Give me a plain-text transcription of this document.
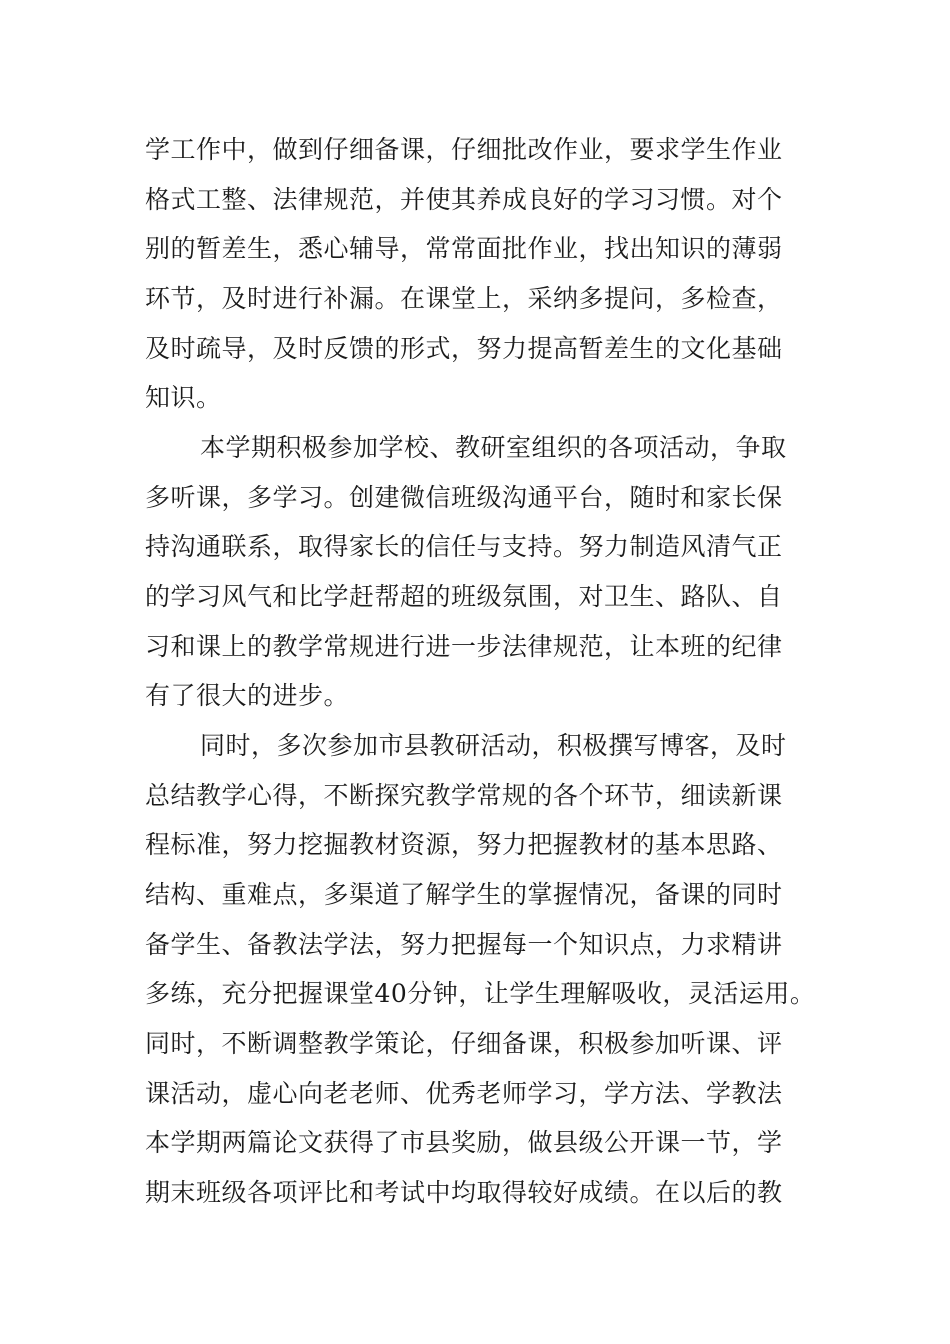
学工作中，做到仔细备课，仔细批改作业，要求学生作业
格式工整、法律规范，并使其养成良好的学习习惯。对个
别的暂差生，悉心辅导，常常面批作业，找出知识的薄弱
环节，及时进行补漏。在课堂上，采纳多提问，多检查，
及时疏导，及时反馈的形式，努力提高暂差生的文化基础
知识。
本学期积极参加学校、教研室组织的各项活动，争取
多听课，多学习。创建微信班级沟通平台，随时和家长保
持沟通联系，取得家长的信任与支持。努力制造风清气正
的学习风气和比学赶帮超的班级氛围，对卫生、路队、自
习和课上的教学常规进行进一步法律规范，让本班的纪律
有了很大的进步。
同时，多次参加市县教研活动，积极撰写博客，及时
总结教学心得，不断探究教学常规的各个环节，细读新课
程标准，努力挖掘教材资源，努力把握教材的基本思路、
结构、重难点，多渠道了解学生的掌握情况，备课的同时
备学生、备教法学法，努力把握每一个知识点，力求精讲
多练，充分把握课堂40分钟，让学生理解吸收，灵活运用。
同时，不断调整教学策论，仔细备课，积极参加听课、评
课活动，虚心向老老师、优秀老师学习，学方法、学教法
本学期两篇论文获得了市县奖励，做县级公开课一节，学
期末班级各项评比和考试中均取得较好成绩。在以后的教
